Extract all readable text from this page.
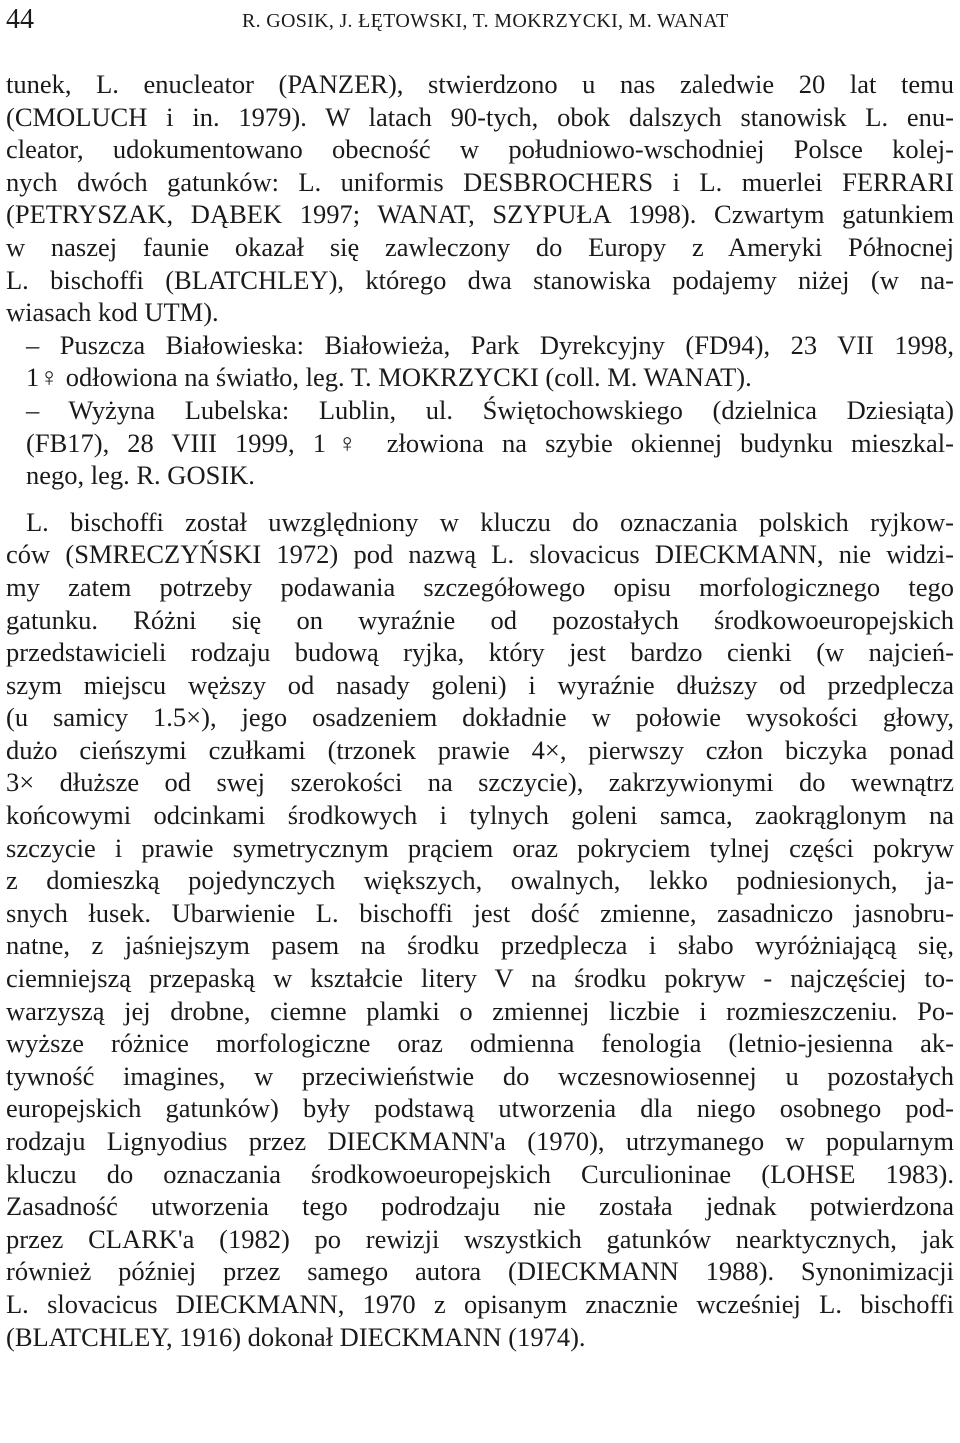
44	R. GOSIK, J. ŁĘTOWSKI, T. MOKRZYCKI, M. WANAT
tunek, L. enucleator (PANZER), stwierdzono u nas zaledwie 20 lat temu
(CMOLUCH i in. 1979). W latach 90-tych, obok dalszych stanowisk L. enu-
cleator, udokumentowano obecność w południowo-wschodniej Polsce kolej-
nych dwóch gatunków: L. uniformis DESBROCHERS i L. muerlei FERRARI
(PETRYSZAK, DĄBEK 1997; WANAT, SZYPUŁA 1998). Czwartym gatunkiem
w naszej faunie okazał się zawleczony do Europy z Ameryki Północnej
L. bischoffi (BLATCHLEY), którego dwa stanowiska podajemy niżej (w na-
wiasach kod UTM).
– Puszcza Białowieska: Białowieża, Park Dyrekcyjny (FD94), 23 VII 1998,
1♀ odłowiona na światło, leg. T. MOKRZYCKI (coll. M. WANAT).
– Wyżyna Lubelska: Lublin, ul. Świętochowskiego (dzielnica Dziesiąta)
(FB17), 28 VIII 1999, 1♀ złowiona na szybie okiennej budynku mieszkal-
nego, leg. R. GOSIK.
L. bischoffi został uwzględniony w kluczu do oznaczania polskich ryjkow-
ców (SMRECZYŃSKI 1972) pod nazwą L. slovacicus DIECKMANN, nie widzi-
my zatem potrzeby podawania szczegółowego opisu morfologicznego tego
gatunku. Różni się on wyraźnie od pozostałych środkowoeuropejskich
przedstawicieli rodzaju budową ryjka, który jest bardzo cienki (w najcień-
szym miejscu węższy od nasady goleni) i wyraźnie dłuższy od przedplecza
(u samicy 1.5×), jego osadzeniem dokładnie w połowie wysokości głowy,
dużo cieńszymi czułkami (trzonek prawie 4×, pierwszy człon biczyka ponad
3× dłuższe od swej szerokości na szczycie), zakrzywionymi do wewnątrz
końcowymi odcinkami środkowych i tylnych goleni samca, zaokrąglonym na
szczycie i prawie symetrycznym prąciem oraz pokryciem tylnej części pokryw
z domieszką pojedynczych większych, owalnych, lekko podniesionych, ja-
snych łusek. Ubarwienie L. bischoffi jest dość zmienne, zasadniczo jasnobru-
natne, z jaśniejszym pasem na środku przedplecza i słabo wyróżniającą się,
ciemniejszą przepaską w kształcie litery V na środku pokryw - najczęściej to-
warzyszą jej drobne, ciemne plamki o zmiennej liczbie i rozmieszczeniu. Po-
wyższe różnice morfologiczne oraz odmienna fenologia (letnio-jesienna ak-
tywność imagines, w przeciwieństwie do wczesnowiosennej u pozostałych
europejskich gatunków) były podstawą utworzenia dla niego osobnego pod-
rodzaju Lignyodius przez DIECKMANN'a (1970), utrzymanego w popularnym
kluczu do oznaczania środkowoeuropejskich Curculioninae (LOHSE 1983).
Zasadność utworzenia tego podrodzaju nie została jednak potwierdzona
przez CLARK'a (1982) po rewizji wszystkich gatunków nearktycznych, jak
również później przez samego autora (DIECKMANN 1988). Synonimizacji
L. slovacicus DIECKMANN, 1970 z opisanym znacznie wcześniej L. bischoffi
(BLATCHLEY, 1916) dokonał DIECKMANN (1974).
